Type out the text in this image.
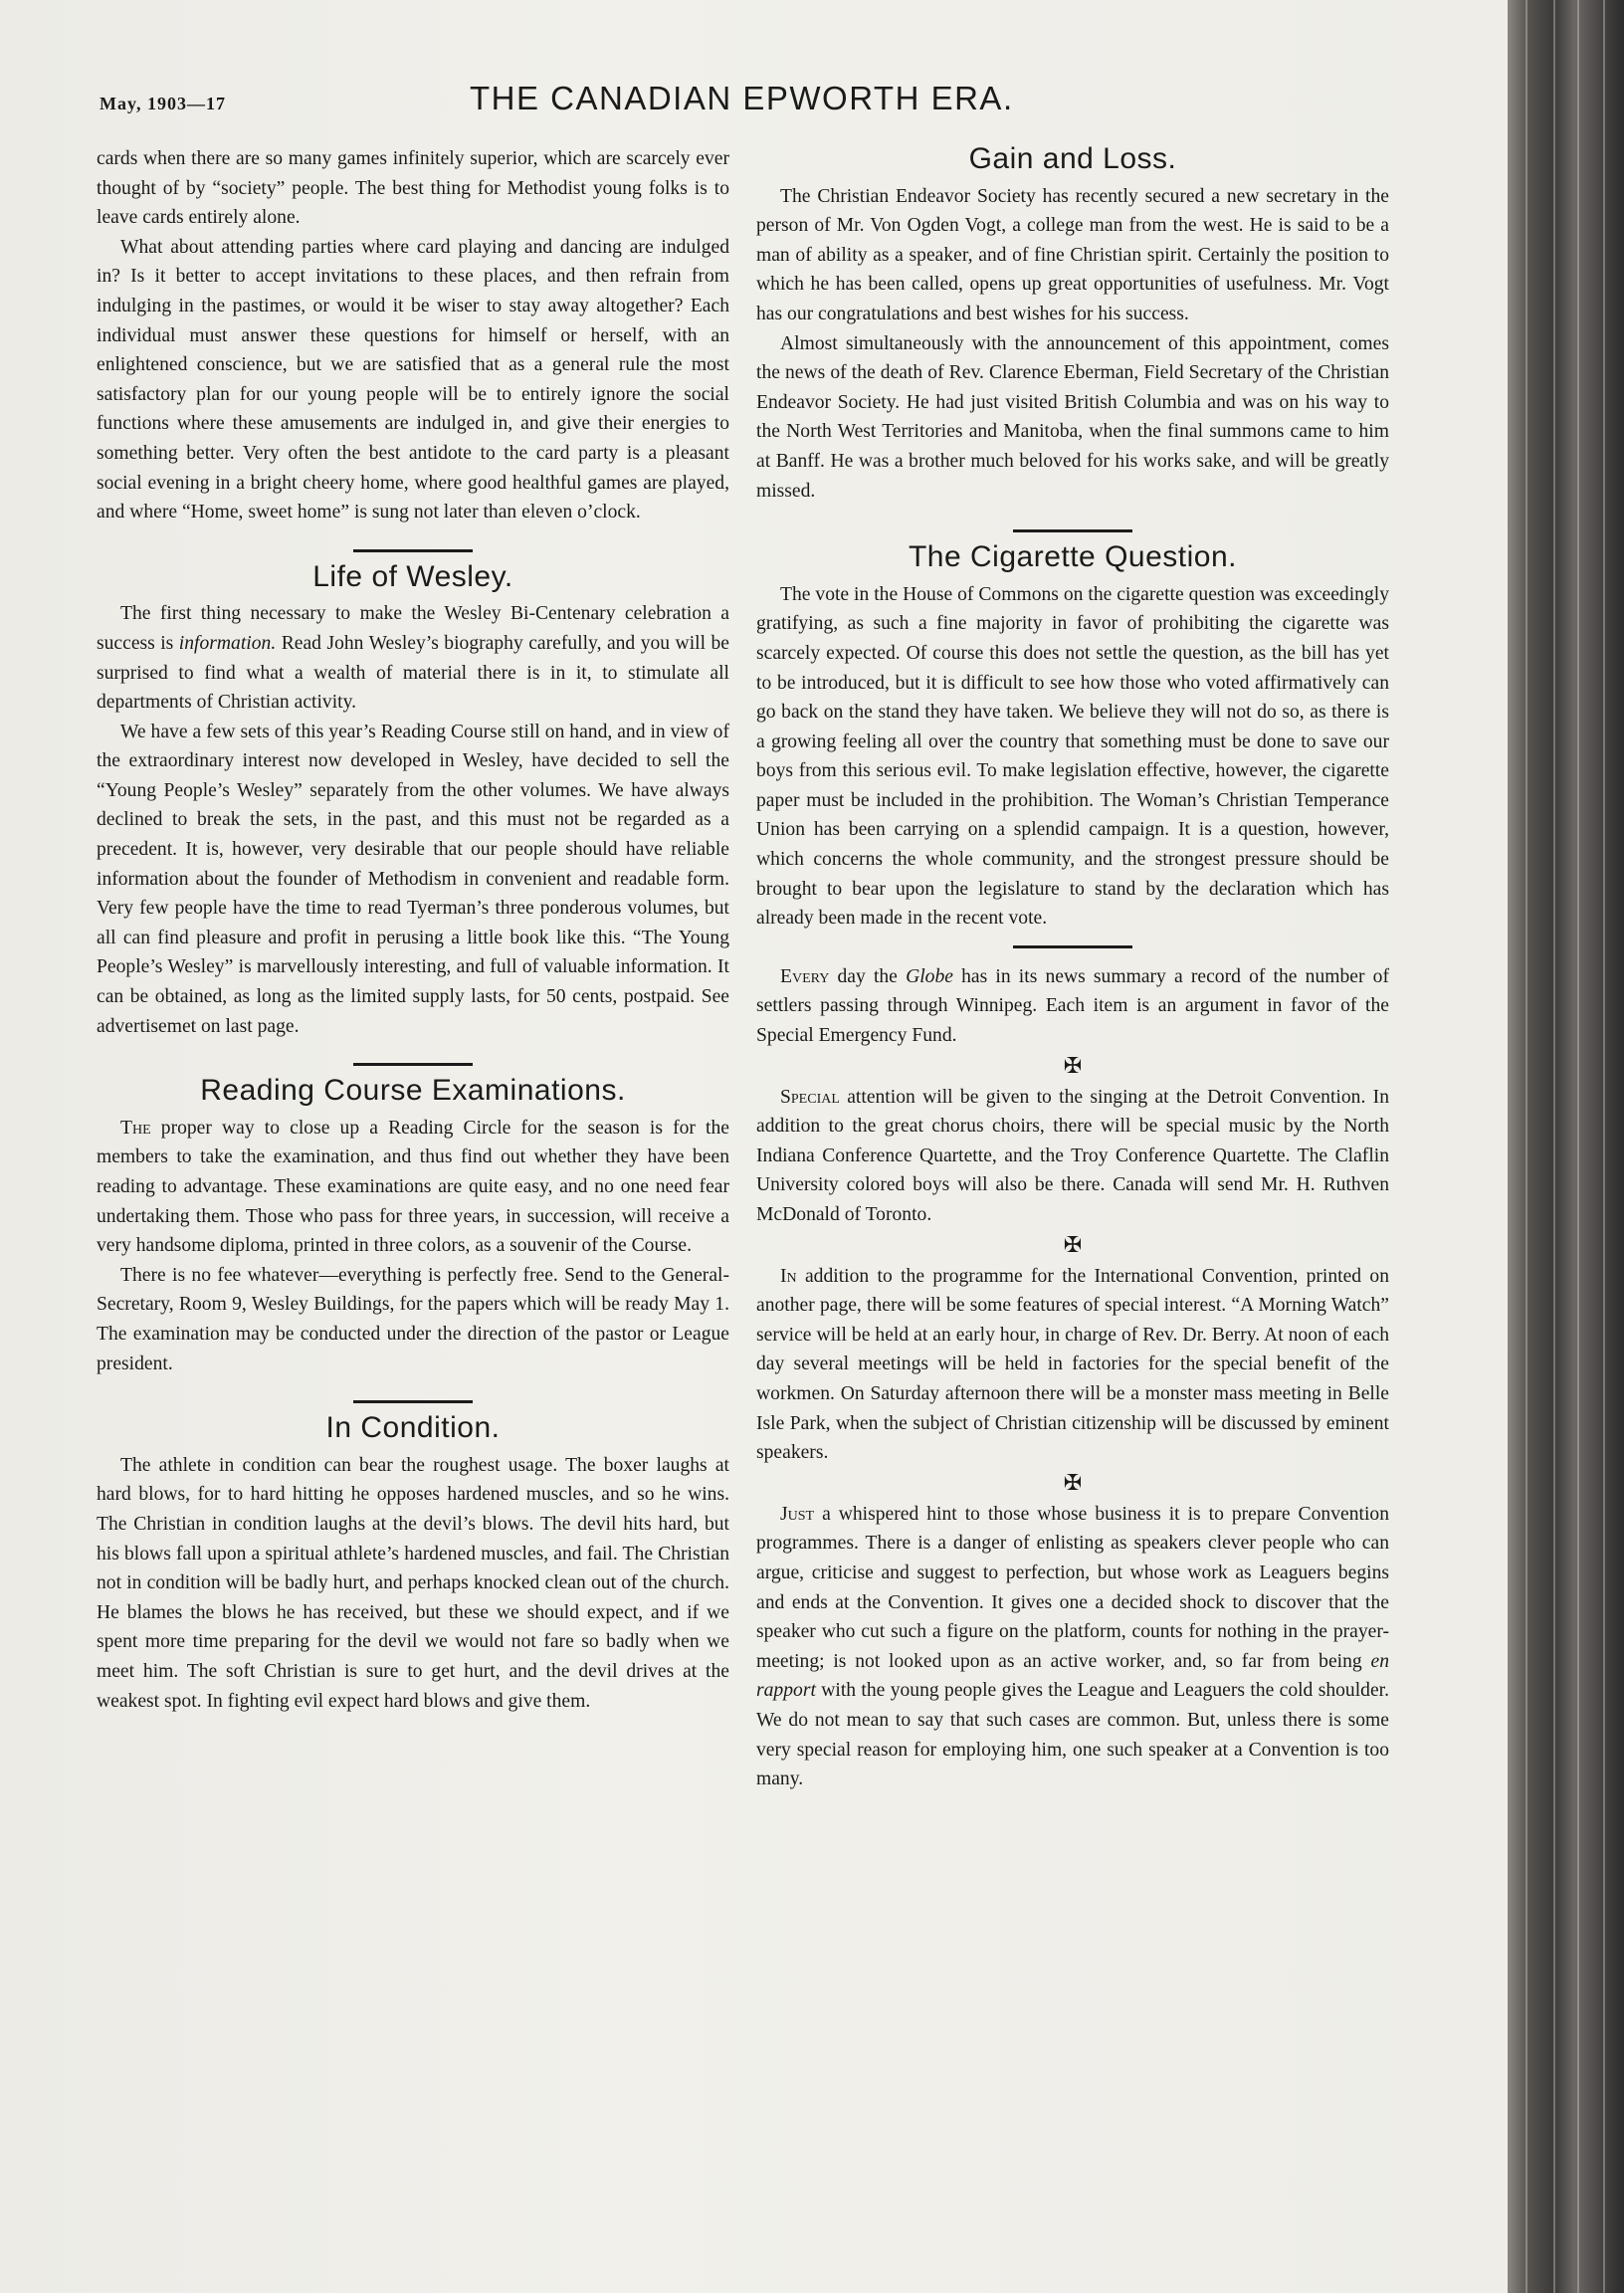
May, 1903—17	THE CANADIAN EPWORTH ERA.

cards when there are so many games infinitely superior, which are scarcely ever thought of by “society” people. The best thing for Methodist young folks is to leave cards entirely alone.

What about attending parties where card playing and dancing are indulged in? Is it better to accept invitations to these places, and then refrain from indulging in the pastimes, or would it be wiser to stay away altogether? Each individual must answer these questions for himself or herself, with an enlightened conscience, but we are satisfied that as a general rule the most satisfactory plan for our young people will be to entirely ignore the social functions where these amusements are indulged in, and give their energies to something better. Very often the best antidote to the card party is a pleasant social evening in a bright cheery home, where good healthful games are played, and where “Home, sweet home” is sung not later than eleven o’clock.

Life of Wesley.

The first thing necessary to make the Wesley Bi-Centenary celebration a success is information. Read John Wesley’s biography carefully, and you will be surprised to find what a wealth of material there is in it, to stimulate all departments of Christian activity.

We have a few sets of this year’s Reading Course still on hand, and in view of the extraordinary interest now developed in Wesley, have decided to sell the “Young People’s Wesley” separately from the other volumes. We have always declined to break the sets, in the past, and this must not be regarded as a precedent. It is, however, very desirable that our people should have reliable information about the founder of Methodism in convenient and readable form. Very few people have the time to read Tyerman’s three ponderous volumes, but all can find pleasure and profit in perusing a little book like this. “The Young People’s Wesley” is marvellously interesting, and full of valuable information. It can be obtained, as long as the limited supply lasts, for 50 cents, postpaid. See advertisemet on last page.

Reading Course Examinations.

The proper way to close up a Reading Circle for the season is for the members to take the examination, and thus find out whether they have been reading to advantage. These examinations are quite easy, and no one need fear undertaking them. Those who pass for three years, in succession, will receive a very handsome diploma, printed in three colors, as a souvenir of the Course.

There is no fee whatever—everything is perfectly free. Send to the General-Secretary, Room 9, Wesley Buildings, for the papers which will be ready May 1. The examination may be conducted under the direction of the pastor or League president.

In Condition.

The athlete in condition can bear the roughest usage. The boxer laughs at hard blows, for to hard hitting he opposes hardened muscles, and so he wins. The Christian in condition laughs at the devil’s blows. The devil hits hard, but his blows fall upon a spiritual athlete’s hardened muscles, and fail. The Christian not in condition will be badly hurt, and perhaps knocked clean out of the church. He blames the blows he has received, but these we should expect, and if we spent more time preparing for the devil we would not fare so badly when we meet him. The soft Christian is sure to get hurt, and the devil drives at the weakest spot. In fighting evil expect hard blows and give them.

Gain and Loss.

The Christian Endeavor Society has recently secured a new secretary in the person of Mr. Von Ogden Vogt, a college man from the west. He is said to be a man of ability as a speaker, and of fine Christian spirit. Certainly the position to which he has been called, opens up great opportunities of usefulness. Mr. Vogt has our congratulations and best wishes for his success.

Almost simultaneously with the announcement of this appointment, comes the news of the death of Rev. Clarence Eberman, Field Secretary of the Christian Endeavor Society. He had just visited British Columbia and was on his way to the North West Territories and Manitoba, when the final summons came to him at Banff. He was a brother much beloved for his works sake, and will be greatly missed.

The Cigarette Question.

The vote in the House of Commons on the cigarette question was exceedingly gratifying, as such a fine majority in favor of prohibiting the cigarette was scarcely expected. Of course this does not settle the question, as the bill has yet to be introduced, but it is difficult to see how those who voted affirmatively can go back on the stand they have taken. We believe they will not do so, as there is a growing feeling all over the country that something must be done to save our boys from this serious evil. To make legislation effective, however, the cigarette paper must be included in the prohibition. The Woman’s Christian Temperance Union has been carrying on a splendid campaign. It is a question, however, which concerns the whole community, and the strongest pressure should be brought to bear upon the legislature to stand by the declaration which has already been made in the recent vote.

Every day the Globe has in its news summary a record of the number of settlers passing through Winnipeg. Each item is an argument in favor of the Special Emergency Fund.

✠

Special attention will be given to the singing at the Detroit Convention. In addition to the great chorus choirs, there will be special music by the North Indiana Conference Quartette, and the Troy Conference Quartette. The Claflin University colored boys will also be there. Canada will send Mr. H. Ruthven McDonald of Toronto.

✠

In addition to the programme for the International Convention, printed on another page, there will be some features of special interest. “A Morning Watch” service will be held at an early hour, in charge of Rev. Dr. Berry. At noon of each day several meetings will be held in factories for the special benefit of the workmen. On Saturday afternoon there will be a monster mass meeting in Belle Isle Park, when the subject of Christian citizenship will be discussed by eminent speakers.

✠

Just a whispered hint to those whose business it is to prepare Convention programmes. There is a danger of enlisting as speakers clever people who can argue, criticise and suggest to perfection, but whose work as Leaguers begins and ends at the Convention. It gives one a decided shock to discover that the speaker who cut such a figure on the platform, counts for nothing in the prayer-meeting; is not looked upon as an active worker, and, so far from being en rapport with the young people gives the League and Leaguers the cold shoulder. We do not mean to say that such cases are common. But, unless there is some very special reason for employing him, one such speaker at a Convention is too many.
